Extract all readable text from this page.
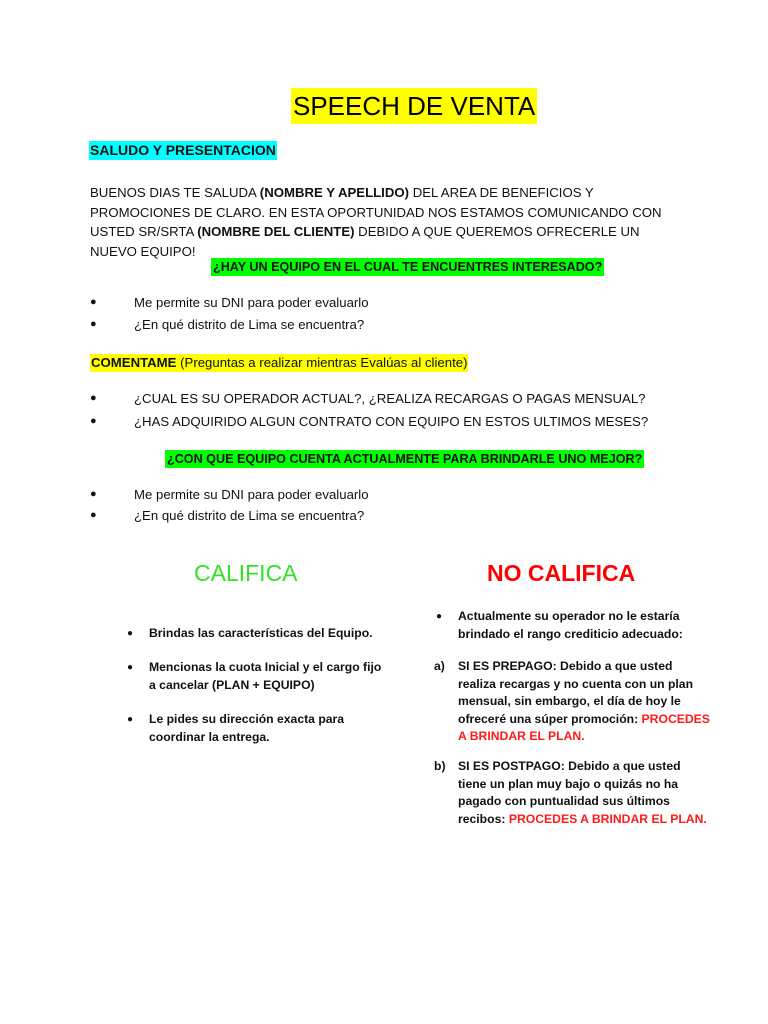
SPEECH DE VENTA
SALUDO Y PRESENTACION
BUENOS DIAS TE SALUDA (NOMBRE Y APELLIDO) DEL AREA DE BENEFICIOS Y PROMOCIONES DE CLARO. EN ESTA OPORTUNIDAD NOS ESTAMOS COMUNICANDO CON USTED SR/SRTA (NOMBRE DEL CLIENTE) DEBIDO A QUE QUEREMOS OFRECERLE UN NUEVO EQUIPO!
¿HAY UN EQUIPO EN EL CUAL TE ENCUENTRES INTERESADO?
●	Me permite su DNI para poder evaluarlo
●	¿En qué distrito de Lima se encuentra?
COMENTAME (Preguntas a realizar mientras Evalúas al cliente)
●	¿CUAL ES SU OPERADOR ACTUAL?, ¿REALIZA RECARGAS O PAGAS MENSUAL?
●	¿HAS ADQUIRIDO ALGUN CONTRATO CON EQUIPO EN ESTOS ULTIMOS MESES?
¿CON QUE EQUIPO CUENTA ACTUALMENTE PARA BRINDARLE UNO MEJOR?
●	Me permite su DNI para poder evaluarlo
●	¿En qué distrito de Lima se encuentra?
CALIFICA
● Brindas las características del Equipo.
● Mencionas la cuota Inicial y el cargo fijo a cancelar (PLAN + EQUIPO)
● Le pides su dirección exacta para coordinar la entrega.
NO CALIFICA
● Actualmente su operador no le estaría brindado el rango crediticio adecuado:
a) SI ES PREPAGO: Debido a que usted realiza recargas y no cuenta con un plan mensual, sin embargo, el día de hoy le ofreceré una súper promoción: PROCEDES A BRINDAR EL PLAN.
b) SI ES POSTPAGO: Debido a que usted tiene un plan muy bajo o quizás no ha pagado con puntualidad sus últimos recibos: PROCEDES A BRINDAR EL PLAN.
